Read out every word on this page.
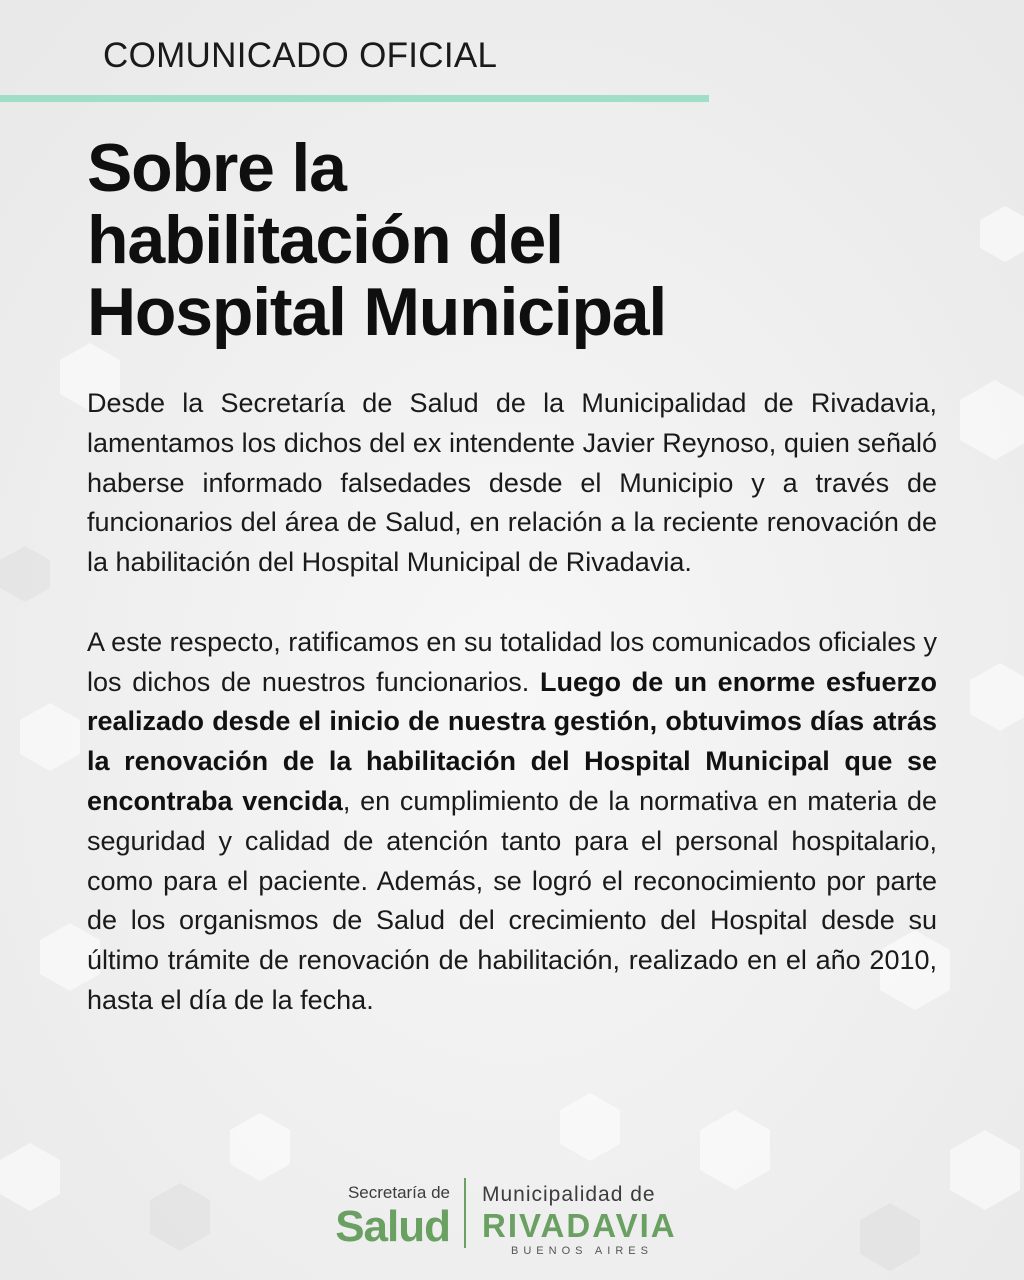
COMUNICADO OFICIAL
Sobre la
habilitación del
Hospital Municipal

Desde la Secretaría de Salud de la Municipalidad de Rivadavia, lamentamos los dichos del ex intendente Javier Reynoso, quien señaló haberse informado falsedades desde el Municipio y a través de funcionarios del área de Salud, en relación a la reciente renovación de la habilitación del Hospital Municipal de Rivadavia.

A este respecto, ratificamos en su totalidad los comunicados oficiales y los dichos de nuestros funcionarios. Luego de un enorme esfuerzo realizado desde el inicio de nuestra gestión, obtuvimos días atrás la renovación de la habilitación del Hospital Municipal que se encontraba vencida, en cumplimiento de la normativa en materia de seguridad y calidad de atención tanto para el personal hospitalario, como para el paciente. Además, se logró el reconocimiento por parte de los organismos de Salud del crecimiento del Hospital desde su último trámite de renovación de habilitación, realizado en el año 2010, hasta el día de la fecha.

Secretaría de
Salud
Municipalidad de
RIVADAVIA
BUENOS AIRES
